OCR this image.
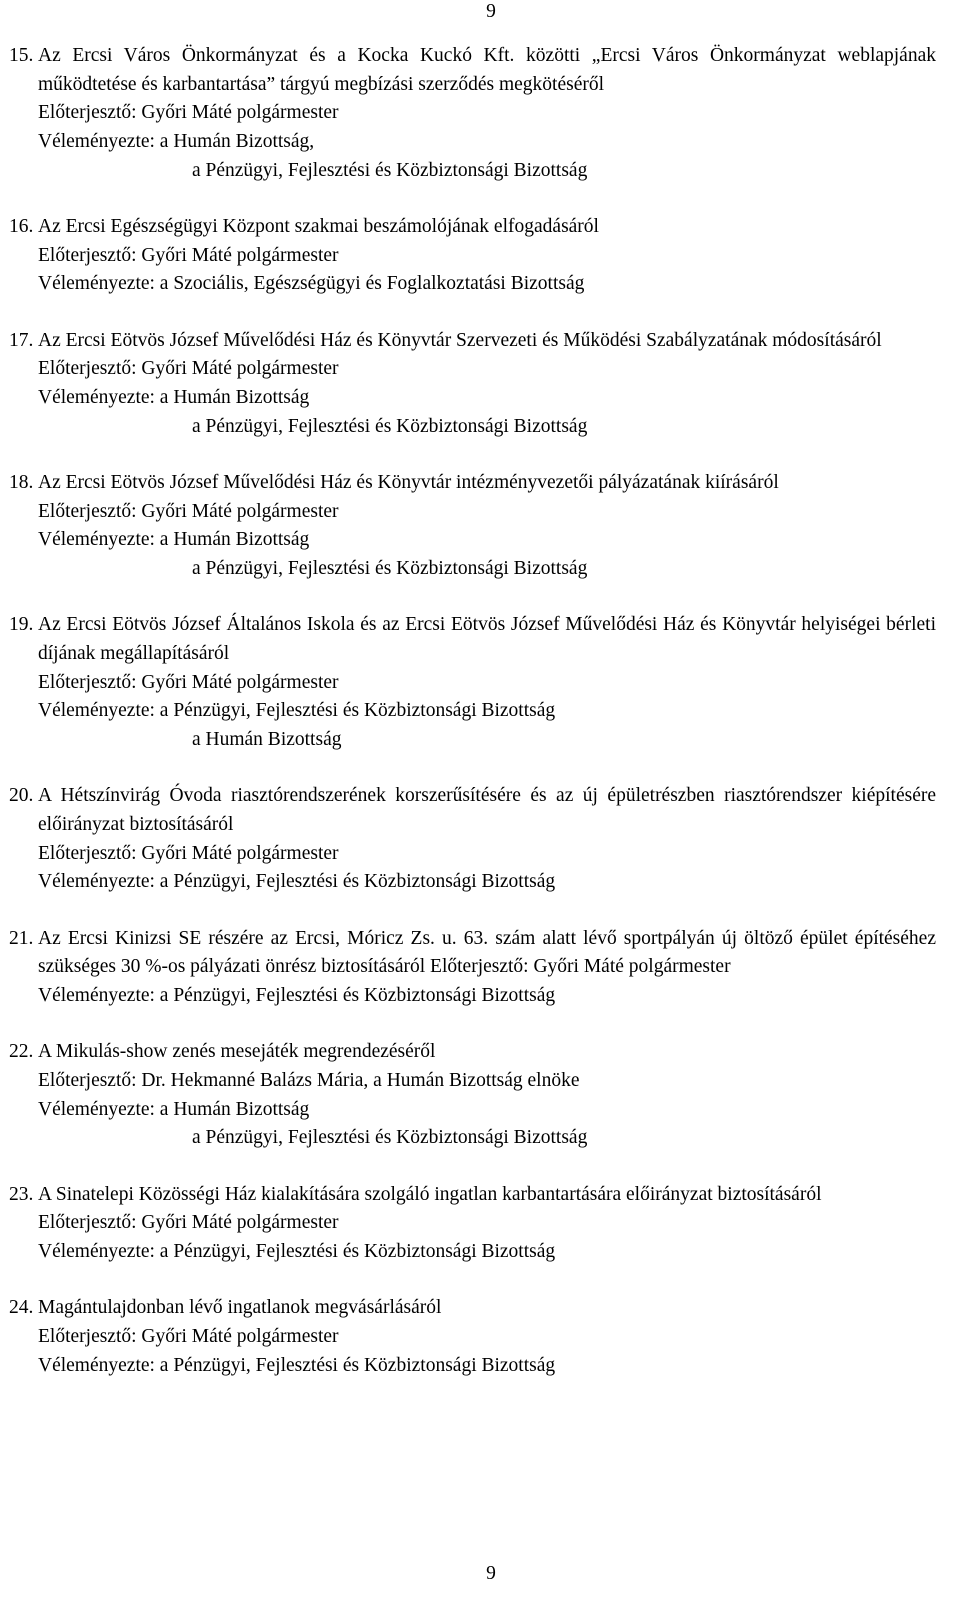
9
15. Az Ercsi Város Önkormányzat és a Kocka Kuckó Kft. közötti „Ercsi Város Önkormányzat weblapjának működtetése és karbantartása” tárgyú megbízási szerződés megkötéséről
Előterjesztő: Győri Máté polgármester
Véleményezte: a Humán Bizottság,
a Pénzügyi, Fejlesztési és Közbiztonsági Bizottság
16. Az Ercsi Egészségügyi Központ szakmai beszámolójának elfogadásáról
Előterjesztő: Győri Máté polgármester
Véleményezte: a Szociális, Egészségügyi és Foglalkoztatási Bizottság
17. Az Ercsi Eötvös József Művelődési Ház és Könyvtár Szervezeti és Működési Szabályzatának módosításáról
Előterjesztő: Győri Máté polgármester
Véleményezte: a Humán Bizottság
a Pénzügyi, Fejlesztési és Közbiztonsági Bizottság
18. Az Ercsi Eötvös József Művelődési Ház és Könyvtár intézményvezetői pályázatának kiírásáról
Előterjesztő: Győri Máté polgármester
Véleményezte: a Humán Bizottság
a Pénzügyi, Fejlesztési és Közbiztonsági Bizottság
19. Az Ercsi Eötvös József Általános Iskola és az Ercsi Eötvös József Művelődési Ház és Könyvtár helyiségei bérleti díjának megállapításáról
Előterjesztő: Győri Máté polgármester
Véleményezte: a Pénzügyi, Fejlesztési és Közbiztonsági Bizottság
a Humán Bizottság
20. A Hétszínvirág Óvoda riasztórendszerének korszerűsítésére és az új épületrészben riasztórendszer kiépítésére előirányzat biztosításáról
Előterjesztő: Győri Máté polgármester
Véleményezte: a Pénzügyi, Fejlesztési és Közbiztonsági Bizottság
21. Az Ercsi Kinizsi SE részére az Ercsi, Móricz Zs. u. 63. szám alatt lévő sportpályán új öltöző épület építéséhez szükséges 30 %-os pályázati önrész biztosításáról Előterjesztő: Győri Máté polgármester
Véleményezte: a Pénzügyi, Fejlesztési és Közbiztonsági Bizottság
22. A Mikulás-show zenés mesejáték megrendezéséről
Előterjesztő: Dr. Hekmanné Balázs Mária, a Humán Bizottság elnöke
Véleményezte: a Humán Bizottság
a Pénzügyi, Fejlesztési és Közbiztonsági Bizottság
23. A Sinatelepi Közösségi Ház kialakítására szolgáló ingatlan karbantartására előirányzat biztosításáról
Előterjesztő: Győri Máté polgármester
Véleményezte: a Pénzügyi, Fejlesztési és Közbiztonsági Bizottság
24. Magántulajdonban lévő ingatlanok megvásárlásáról
Előterjesztő: Győri Máté polgármester
Véleményezte: a Pénzügyi, Fejlesztési és Közbiztonsági Bizottság
9
